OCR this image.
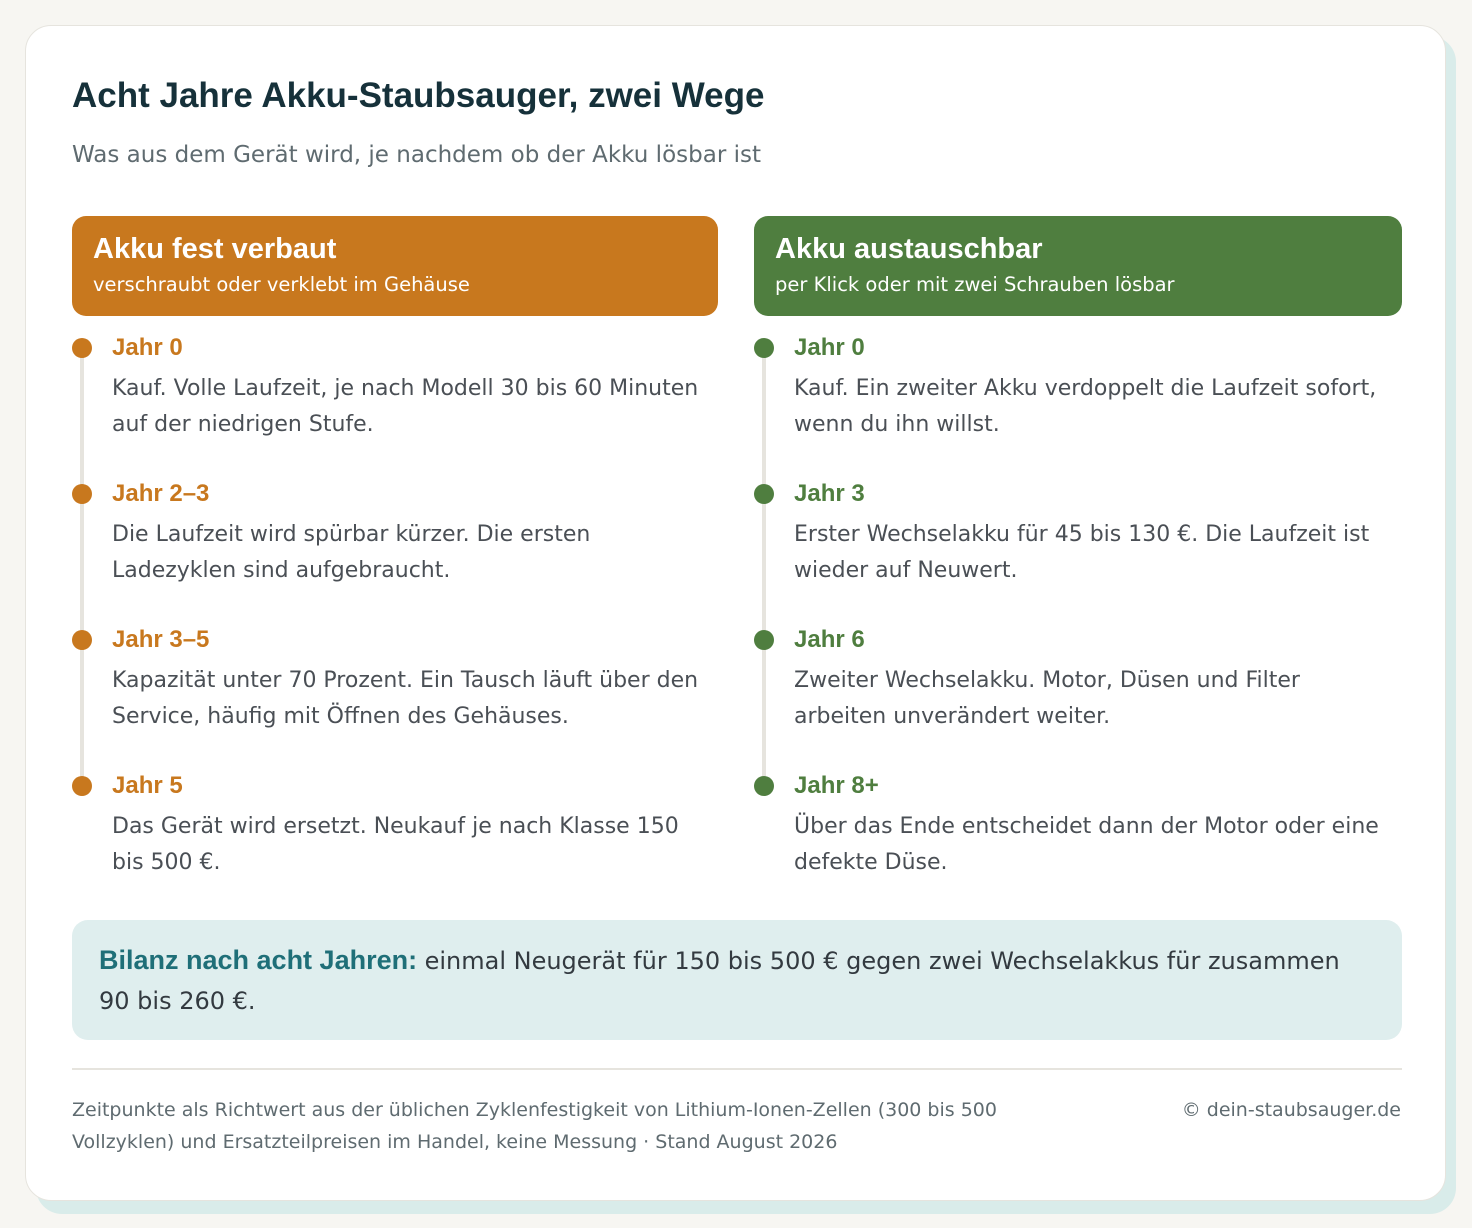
Acht Jahre Akku-Staubsauger, zwei Wege

Was aus dem Gerät wird, je nachdem ob der Akku lösbar ist

Akku fest verbaut
verschraubt oder verklebt im Gehäuse
Jahr 0
Kauf. Volle Laufzeit, je nach Modell 30 bis 60 Minuten auf der niedrigen Stufe.
Jahr 2–3
Die Laufzeit wird spürbar kürzer. Die ersten Ladezyklen sind aufgebraucht.
Jahr 3–5
Kapazität unter 70 Prozent. Ein Tausch läuft über den Service, häufig mit Öffnen des Gehäuses.
Jahr 5
Das Gerät wird ersetzt. Neukauf je nach Klasse 150 bis 500 €.
Akku austauschbar
per Klick oder mit zwei Schrauben lösbar
Jahr 0
Kauf. Ein zweiter Akku verdoppelt die Laufzeit sofort, wenn du ihn willst.
Jahr 3
Erster Wechselakku für 45 bis 130 €. Die Laufzeit ist wieder auf Neuwert.
Jahr 6
Zweiter Wechselakku. Motor, Düsen und Filter arbeiten unverändert weiter.
Jahr 8+
Über das Ende entscheidet dann der Motor oder eine defekte Düse.
Bilanz nach acht Jahren: einmal Neugerät für 150 bis 500 € gegen zwei Wechselakkus für zusammen 90 bis 260 €.

Zeitpunkte als Richtwert aus der üblichen Zyklenfestigkeit von Lithium-Ionen-Zellen (300 bis 500 Vollzyklen) und Ersatzteilpreisen im Handel, keine Messung · Stand August 2026

© dein-staubsauger.de
